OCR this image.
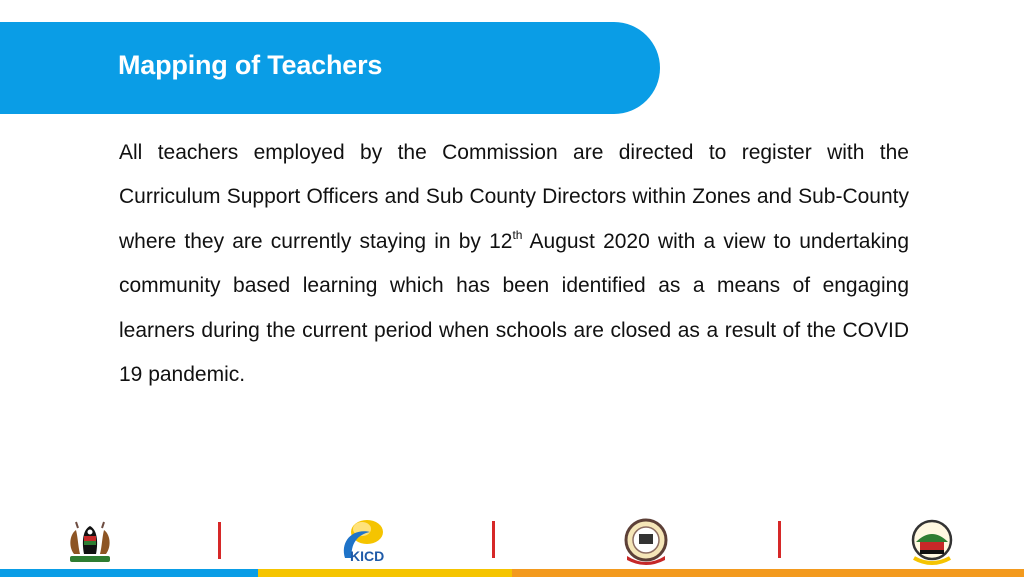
Mapping of Teachers

All teachers employed by the Commission are directed to register with the Curriculum Support Officers and Sub County Directors within Zones and Sub-County where they are currently staying in by 12th August 2020 with a view to undertaking community based learning which has been identified as a means of engaging learners during the current period when schools are closed as a result of the COVID 19 pandemic.

KICD
